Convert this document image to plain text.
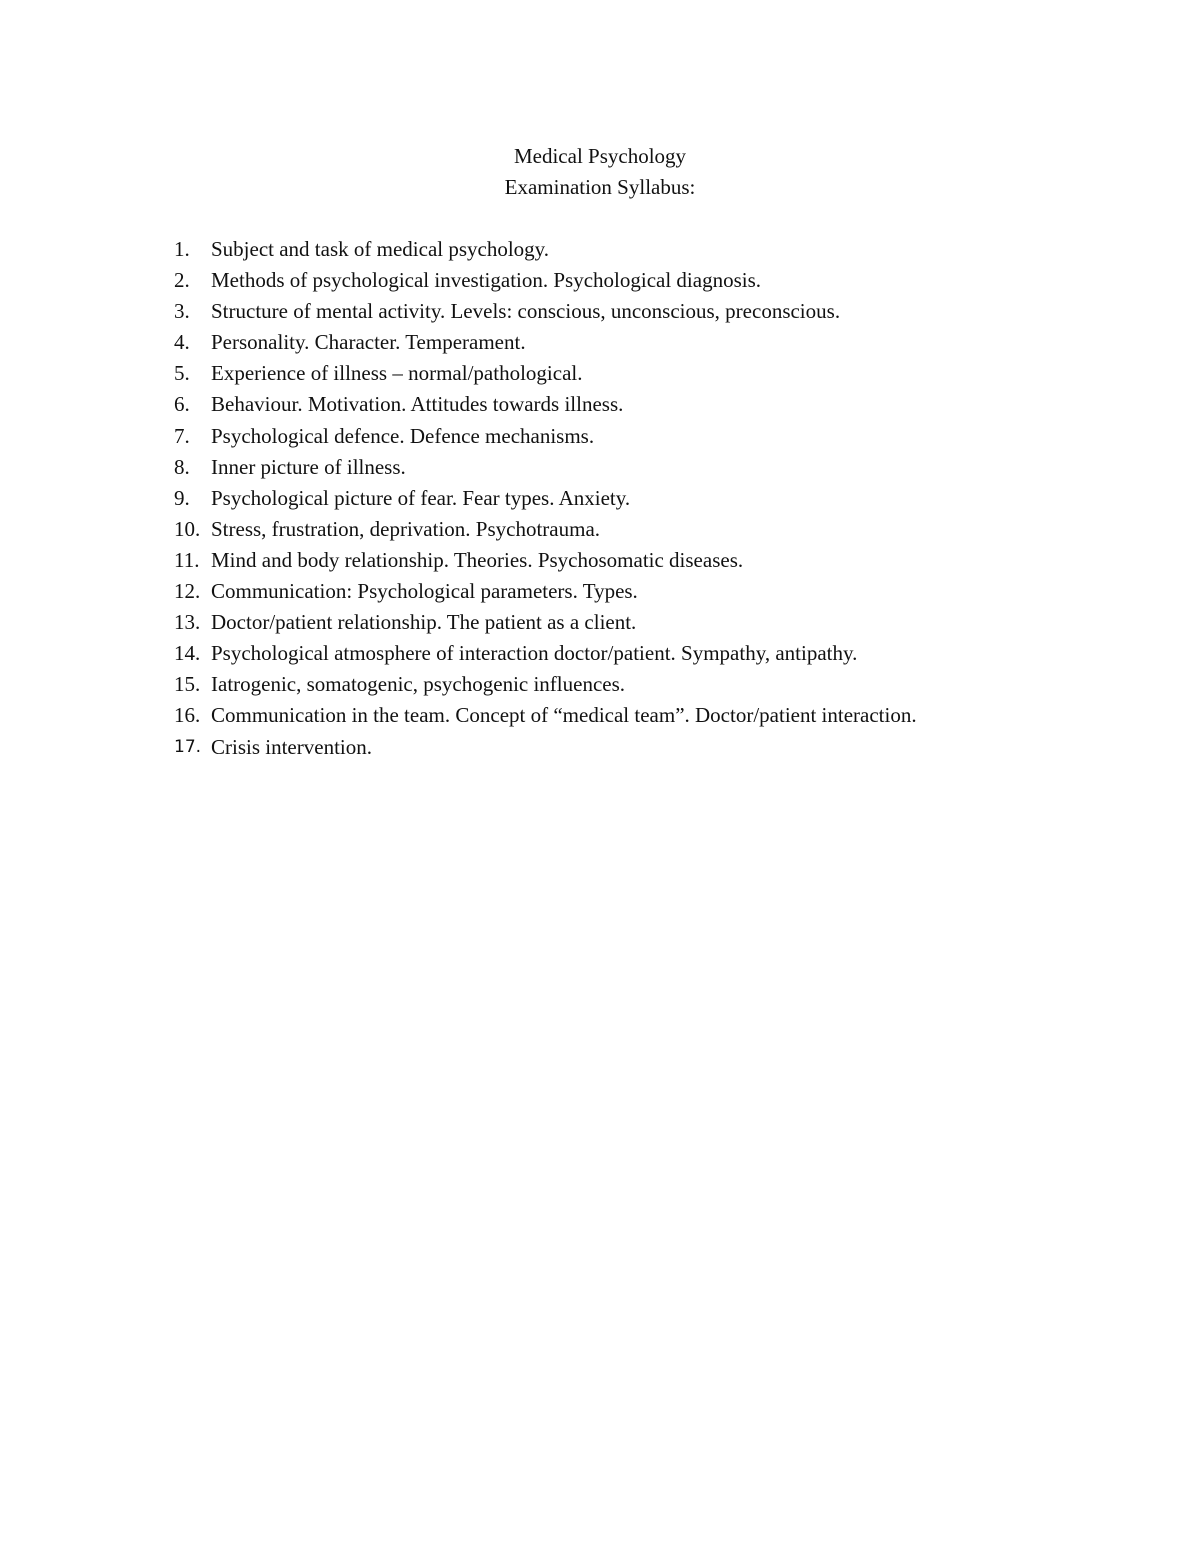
Medical Psychology
Examination Syllabus:
1.	Subject and task of medical psychology.
2.	Methods of psychological investigation. Psychological diagnosis.
3.	Structure of mental activity. Levels: conscious, unconscious, preconscious.
4.	Personality. Character. Temperament.
5.	Experience of illness – normal/pathological.
6.	Behaviour. Motivation. Attitudes towards illness.
7.	Psychological defence. Defence mechanisms.
8.	Inner picture of illness.
9.	Psychological picture of fear. Fear types. Anxiety.
10. Stress, frustration, deprivation. Psychotrauma.
11. Mind and body relationship. Theories. Psychosomatic diseases.
12. Communication: Psychological parameters. Types.
13. Doctor/patient relationship. The patient as a client.
14. Psychological atmosphere of interaction doctor/patient. Sympathy, antipathy.
15. Iatrogenic, somatogenic, psychogenic influences.
16. Communication in the team. Concept of “medical team”. Doctor/patient interaction.
17. Crisis intervention.
